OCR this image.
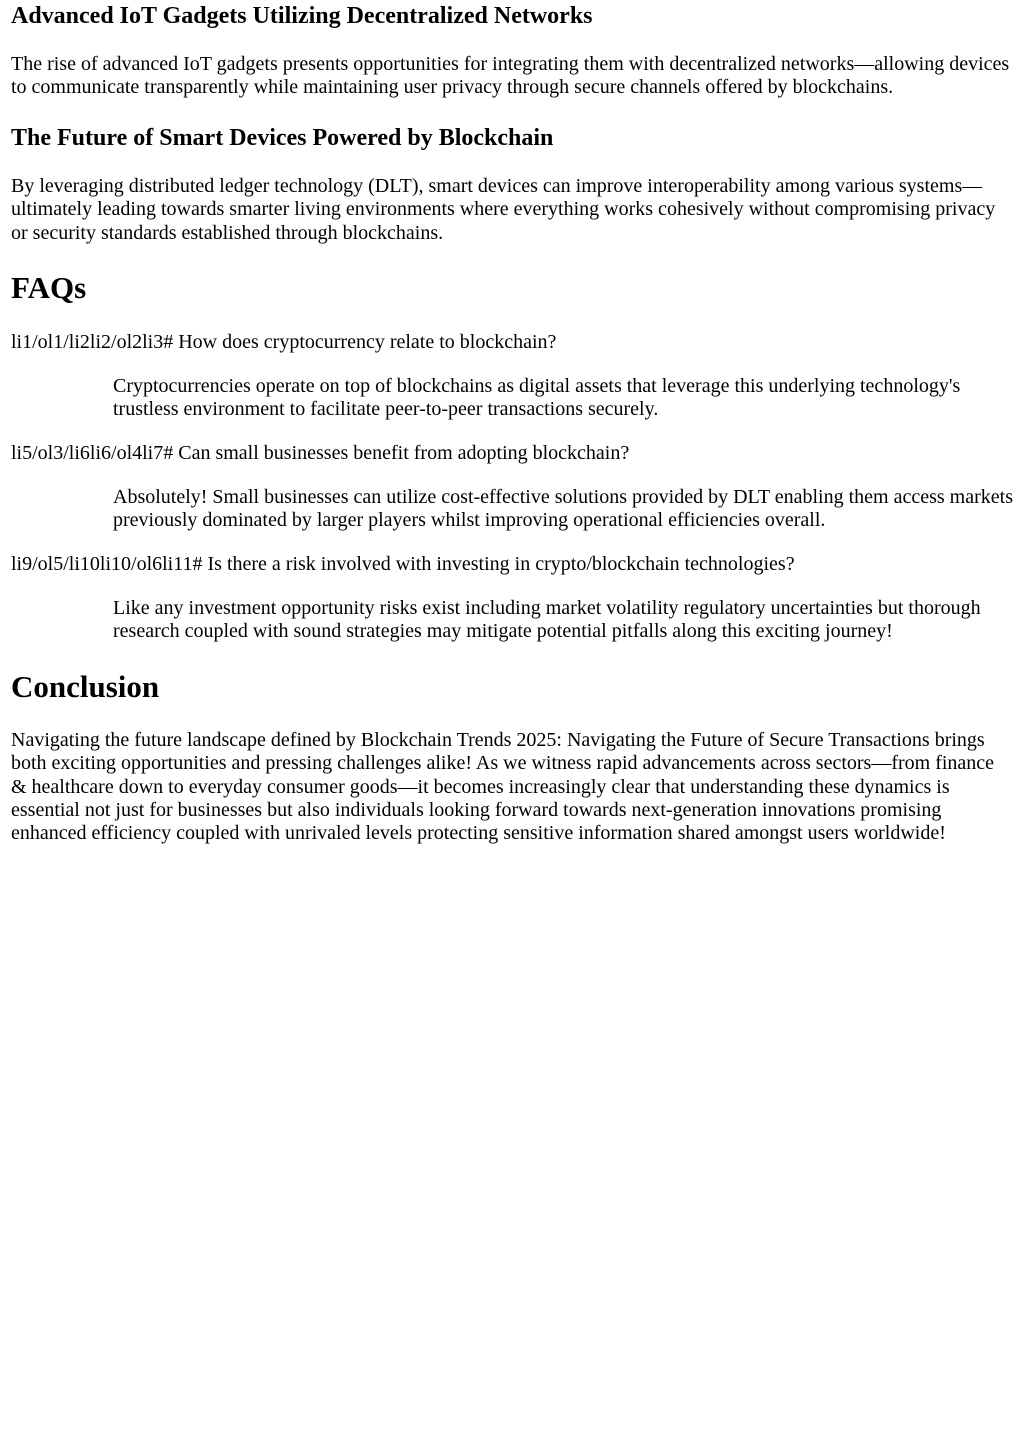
Advanced IoT Gadgets Utilizing Decentralized Networks

The rise of advanced IoT gadgets presents opportunities for integrating them with decentralized networks—allowing devices to communicate transparently while maintaining user privacy through secure channels offered by blockchains.

The Future of Smart Devices Powered by Blockchain

By leveraging distributed ledger technology (DLT), smart devices can improve interoperability among various systems—ultimately leading towards smarter living environments where everything works cohesively without compromising privacy or security standards established through blockchains.

FAQs

li1/ol1/li2li2/ol2li3# How does cryptocurrency relate to blockchain?

Cryptocurrencies operate on top of blockchains as digital assets that leverage this underlying technology's trustless environment to facilitate peer-to-peer transactions securely.

li5/ol3/li6li6/ol4li7# Can small businesses benefit from adopting blockchain?

Absolutely! Small businesses can utilize cost-effective solutions provided by DLT enabling them access markets previously dominated by larger players whilst improving operational efficiencies overall.

li9/ol5/li10li10/ol6li11# Is there a risk involved with investing in crypto/blockchain technologies?

Like any investment opportunity risks exist including market volatility regulatory uncertainties but thorough research coupled with sound strategies may mitigate potential pitfalls along this exciting journey!
Conclusion

Navigating the future landscape defined by Blockchain Trends 2025: Navigating the Future of Secure Transactions brings both exciting opportunities and pressing challenges alike! As we witness rapid advancements across sectors—from finance & healthcare down to everyday consumer goods—it becomes increasingly clear that understanding these dynamics is essential not just for businesses but also individuals looking forward towards next-generation innovations promising enhanced efficiency coupled with unrivaled levels protecting sensitive information shared amongst users worldwide!
